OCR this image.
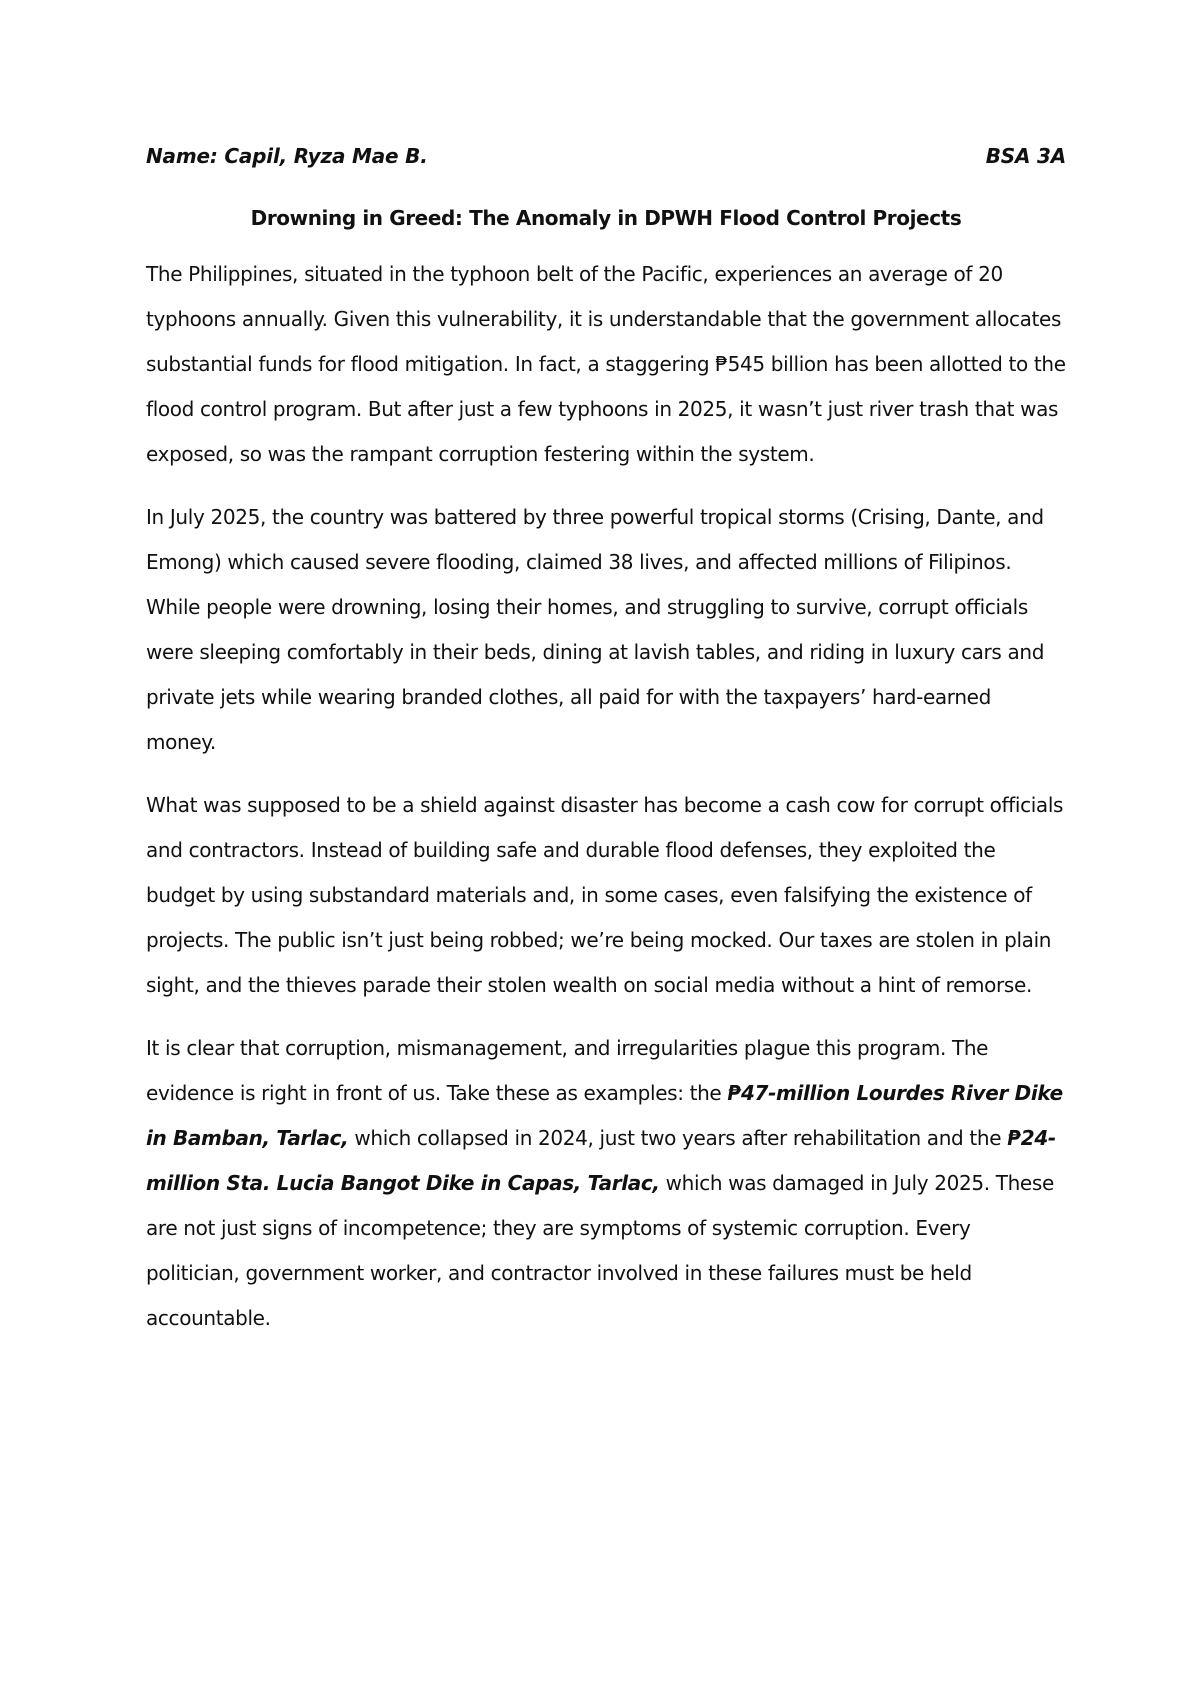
Name: Capil, Ryza Mae B.	BSA 3A
Drowning in Greed: The Anomaly in DPWH Flood Control Projects

The Philippines, situated in the typhoon belt of the Pacific, experiences an average of 20 typhoons annually. Given this vulnerability, it is understandable that the government allocates substantial funds for flood mitigation. In fact, a staggering ₱545 billion has been allotted to the flood control program. But after just a few typhoons in 2025, it wasn’t just river trash that was exposed, so was the rampant corruption festering within the system.

In July 2025, the country was battered by three powerful tropical storms (Crising, Dante, and Emong) which caused severe flooding, claimed 38 lives, and affected millions of Filipinos. While people were drowning, losing their homes, and struggling to survive, corrupt officials were sleeping comfortably in their beds, dining at lavish tables, and riding in luxury cars and private jets while wearing branded clothes, all paid for with the taxpayers’ hard-earned money.

What was supposed to be a shield against disaster has become a cash cow for corrupt officials and contractors. Instead of building safe and durable flood defenses, they exploited the budget by using substandard materials and, in some cases, even falsifying the existence of projects. The public isn’t just being robbed; we’re being mocked. Our taxes are stolen in plain sight, and the thieves parade their stolen wealth on social media without a hint of remorse.

It is clear that corruption, mismanagement, and irregularities plague this program. The evidence is right in front of us. Take these as examples: the ₱47-million Lourdes River Dike in Bamban, Tarlac, which collapsed in 2024, just two years after rehabilitation and the ₱24-million Sta. Lucia Bangot Dike in Capas, Tarlac, which was damaged in July 2025. These are not just signs of incompetence; they are symptoms of systemic corruption. Every politician, government worker, and contractor involved in these failures must be held accountable.
